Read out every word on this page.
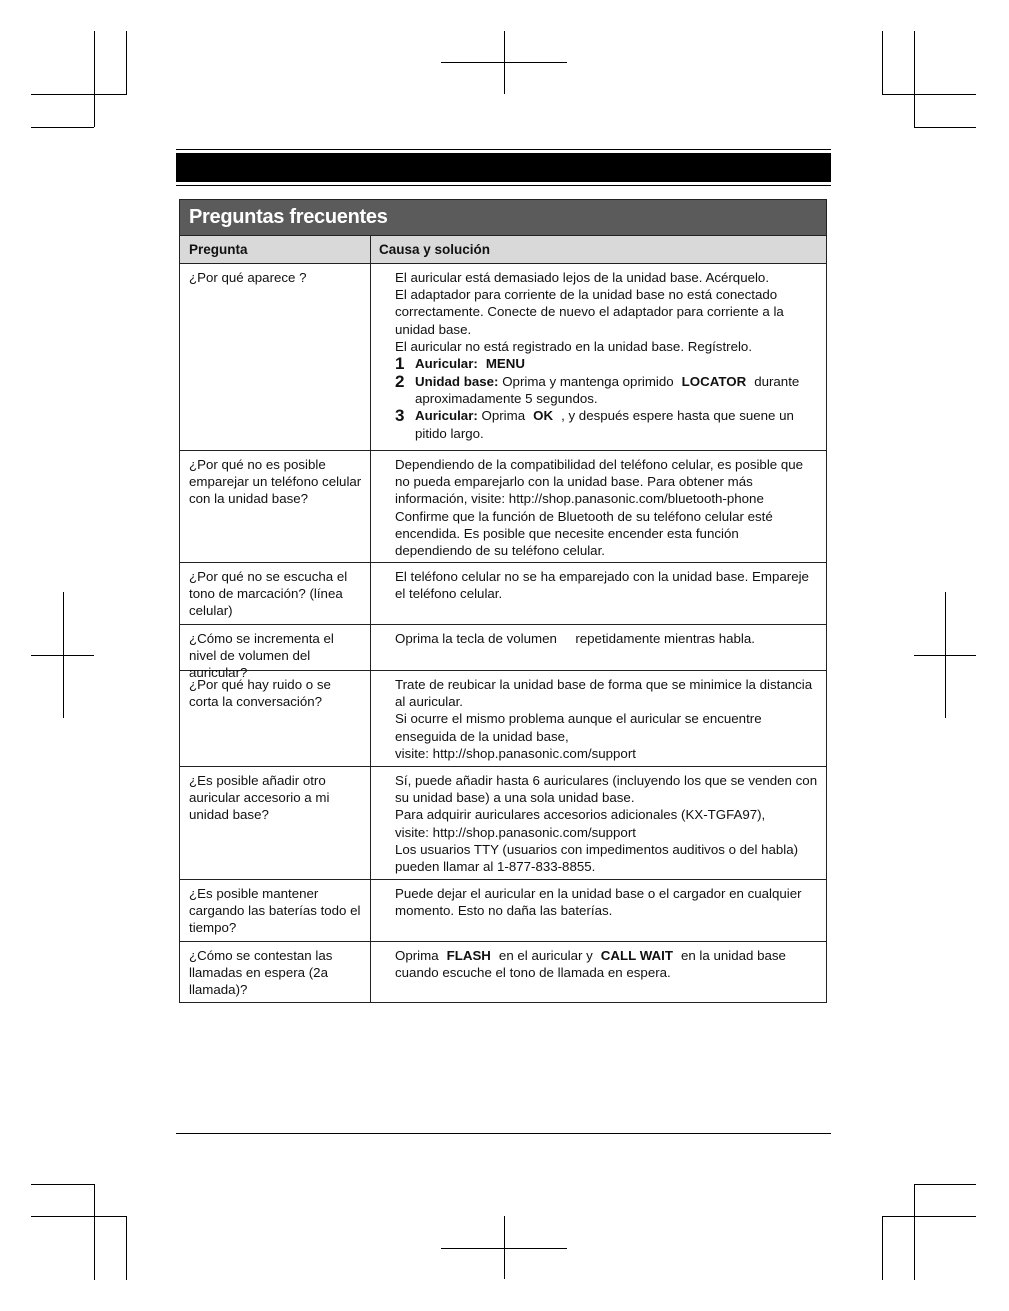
Preguntas frecuentes
Pregunta	Causa y solución
¿Por qué aparece ?	El auricular está demasiado lejos de la unidad base. Acérquelo.

El adaptador para corriente de la unidad base no está conectado correctamente. Conecte de nuevo el adaptador para corriente a la unidad base.

El auricular no está registrado en la unidad base. Regístrelo.

1 Auricular: MENU
2 Unidad base: Oprima y mantenga oprimido LOCATOR durante aproximadamente 5 segundos.
3 Auricular: Oprima OK , y después espere hasta que suene un pitido largo.
¿Por qué no es posible emparejar un teléfono celular con la unidad base?

Dependiendo de la compatibilidad del teléfono celular, es posible que no pueda emparejarlo con la unidad base. Para obtener más información, visite: http://shop.panasonic.com/bluetooth-phone

Confirme que la función de Bluetooth de su teléfono celular esté encendida. Es posible que necesite encender esta función dependiendo de su teléfono celular.

¿Por qué no se escucha el tono de marcación? (línea celular)

El teléfono celular no se ha emparejado con la unidad base. Empareje el teléfono celular.

¿Cómo se incrementa el nivel de volumen del auricular?

Oprima la tecla de volumen     repetidamente mientras habla.

¿Por qué hay ruido o se corta la conversación?

Trate de reubicar la unidad base de forma que se minimice la distancia al auricular.

Si ocurre el mismo problema aunque el auricular se encuentre enseguida de la unidad base,

visite: http://shop.panasonic.com/support

¿Es posible añadir otro auricular accesorio a mi unidad base?

Sí, puede añadir hasta 6 auriculares (incluyendo los que se venden con su unidad base) a una sola unidad base.

Para adquirir auriculares accesorios adicionales (KX-TGFA97),

visite: http://shop.panasonic.com/support

Los usuarios TTY (usuarios con impedimentos auditivos o del habla) pueden llamar al 1-877-833-8855.

¿Es posible mantener cargando las baterías todo el tiempo?

Puede dejar el auricular en la unidad base o el cargador en cualquier momento. Esto no daña las baterías.

¿Cómo se contestan las llamadas en espera (2a llamada)?

Oprima FLASH en el auricular y CALL WAIT en la unidad base cuando escuche el tono de llamada en espera.
